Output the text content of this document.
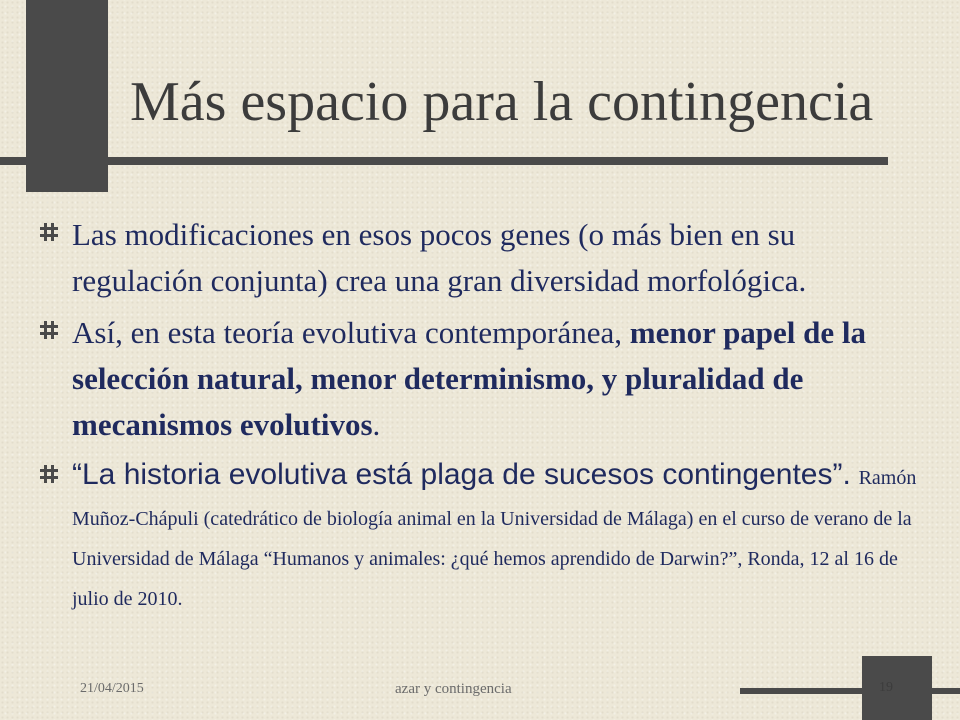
Más espacio para la contingencia
Las modificaciones en esos pocos genes (o más bien en su regulación conjunta) crea una gran diversidad morfológica.
Así, en esta teoría evolutiva contemporánea, menor papel de la selección natural, menor determinismo, y pluralidad de mecanismos evolutivos.
“La historia evolutiva está plaga de sucesos contingentes”. Ramón Muñoz-Chápuli (catedrático de biología animal en la Universidad de Málaga) en el curso de verano de la Universidad de Málaga “Humanos y animales: ¿qué hemos aprendido de Darwin?”, Ronda, 12 al 16 de julio de 2010.
21/04/2015	azar y contingencia	19
